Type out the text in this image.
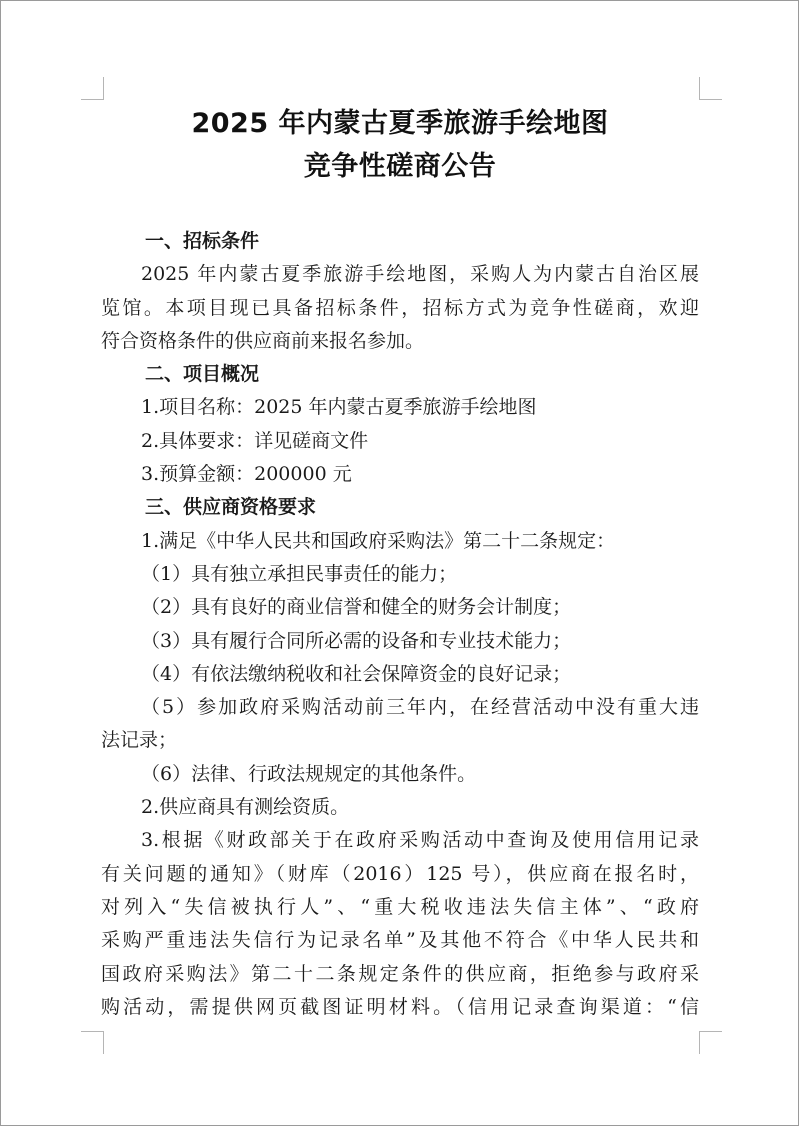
2025 年内蒙古夏季旅游手绘地图
竞争性磋商公告
一、招标条件
2025 年内蒙古夏季旅游手绘地图，采购人为内蒙古自治区展
览馆。本项目现已具备招标条件，招标方式为竞争性磋商，欢迎
符合资格条件的供应商前来报名参加。
二、项目概况
1.项目名称：2025 年内蒙古夏季旅游手绘地图
2.具体要求：详见磋商文件
3.预算金额：200000 元
三、供应商资格要求
1.满足《中华人民共和国政府采购法》第二十二条规定：
（1）具有独立承担民事责任的能力；
（2）具有良好的商业信誉和健全的财务会计制度；
（3）具有履行合同所必需的设备和专业技术能力；
（4）有依法缴纳税收和社会保障资金的良好记录；
（5）参加政府采购活动前三年内，在经营活动中没有重大违
法记录；
（6）法律、行政法规规定的其他条件。
2.供应商具有测绘资质。
3.根据《财政部关于在政府采购活动中查询及使用信用记录
有关问题的通知》（财库（2016）125 号），供应商在报名时，
对列入“失信被执行人”、“重大税收违法失信主体”、“政府
采购严重违法失信行为记录名单”及其他不符合《中华人民共和
国政府采购法》第二十二条规定条件的供应商，拒绝参与政府采
购活动，需提供网页截图证明材料。（信用记录查询渠道：“信
